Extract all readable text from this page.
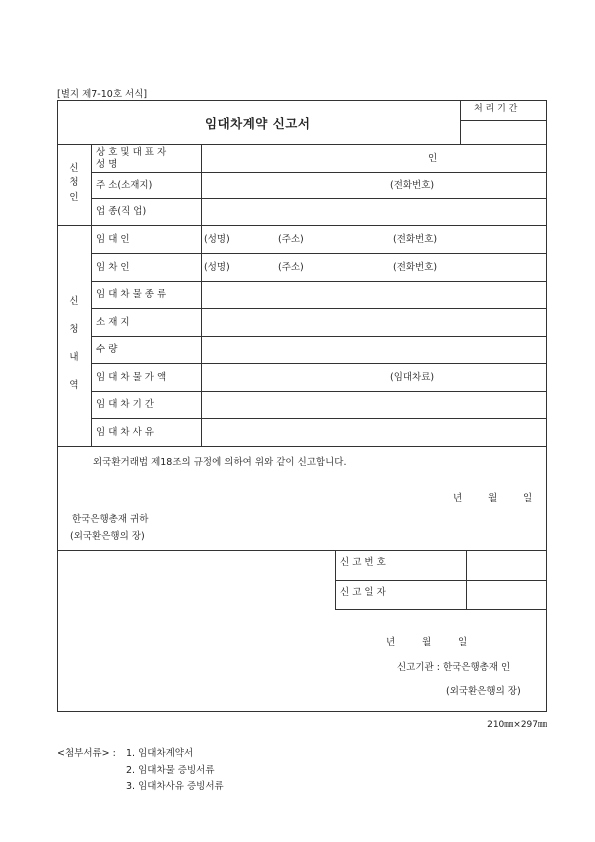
[별지 제7-10호 서식]
임대차계약 신고서
처 리 기 간
신
청
인
상 호 및 대 표 자
성 명
인
주 소(소재지)	(전화번호)
업 종(직 업)
신
청
내
역
임 대 인	(성명)	(주소)	(전화번호)
임 차 인	(성명)	(주소)	(전화번호)
임 대 차 물 종 류
소 재 지
수 량
임 대 차 물 가 액	(임대차료)
임 대 차 기 간
임 대 차 사 유
외국환거래법 제18조의 규정에 의하여 위와 같이 신고합니다.
년	월	일
한국은행총재 귀하
(외국환은행의 장)
신 고 번 호
신 고 일 자
년	월	일
신고기관 : 한국은행총재 인
(외국환은행의 장)
210㎜×297㎜
<첨부서류> : 1. 임대차계약서
2. 임대차물 증빙서류
3. 임대차사유 증빙서류
